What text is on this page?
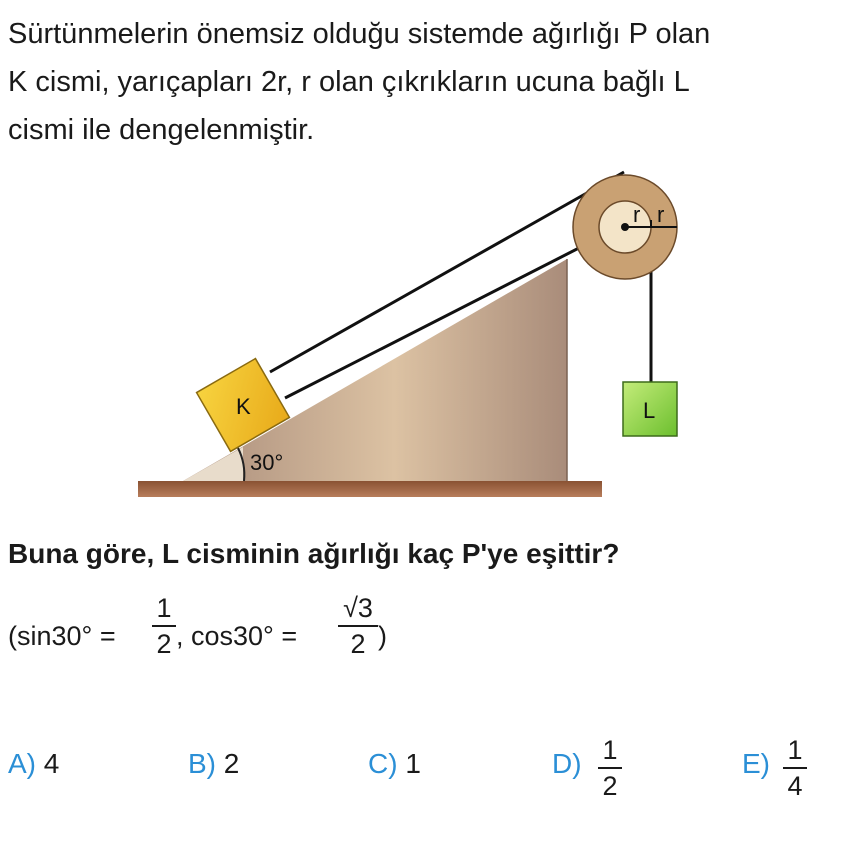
Sürtünmelerin önemsiz olduğu sistemde ağırlığı P olan
K cismi, yarıçapları 2r, r olan çıkrıkların ucuna bağlı L
cismi ile dengelenmiştir.
r r
K	L
30°
Buna göre, L cisminin ağırlığı kaç P'ye eşittir?
(sin30° =
1
2 , cos30° =
√3
2 )
A) 4	B) 2	C) 1	D) 1
2
E) 1
4
